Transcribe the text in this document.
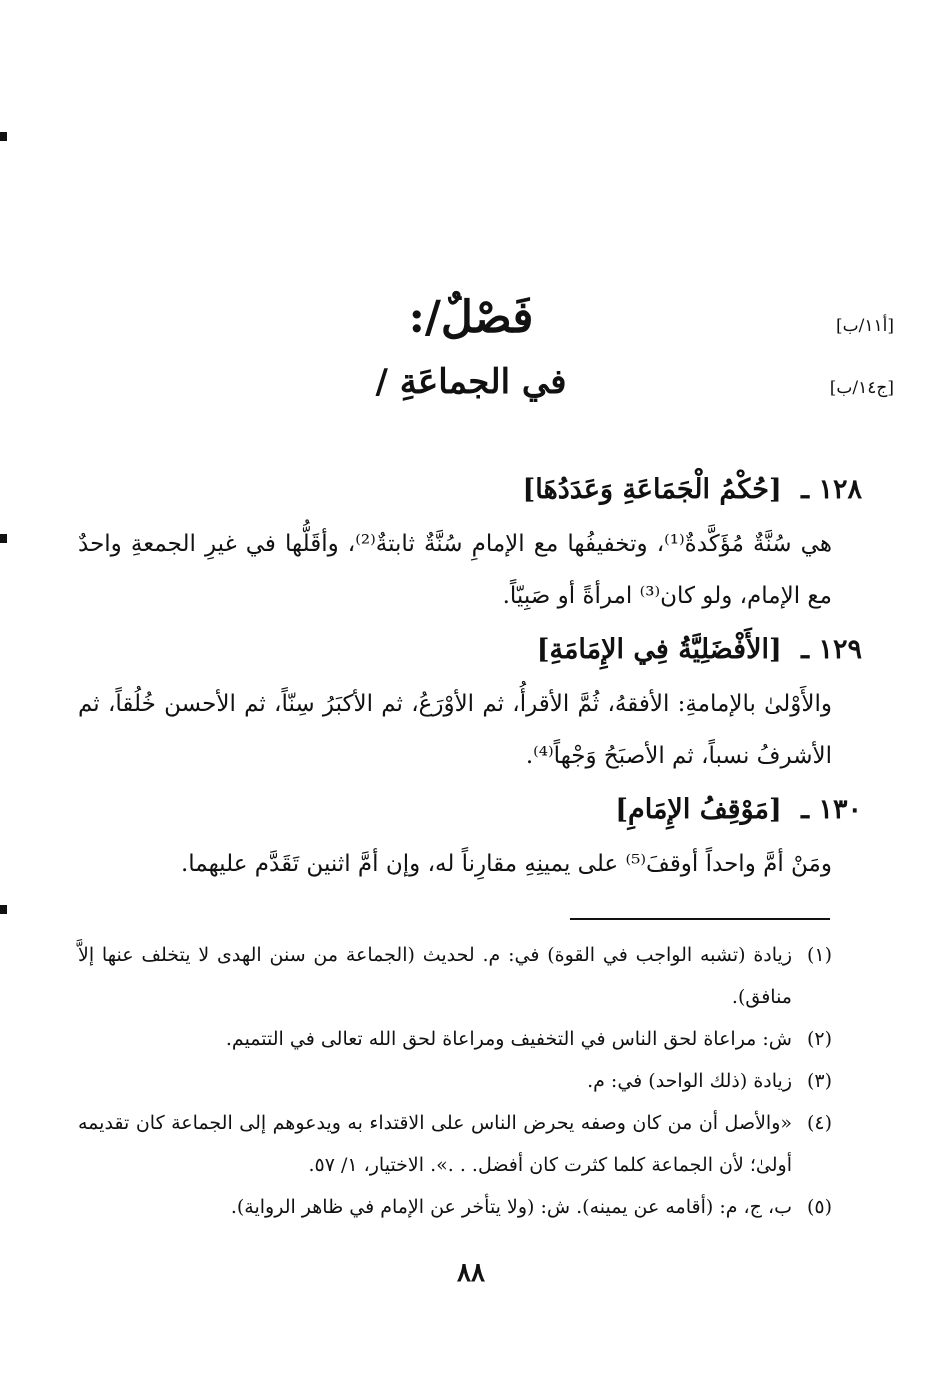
[أ١١/ب]
[ج١٤/ب]
فَصْلٌ/:
في الجماعَةِ /
١٢٨ ـ [حُكْمُ الْجَمَاعَةِ وَعَدَدُهَا]
هي سُنَّةٌ مُؤَكَّدةٌ⁽¹⁾، وتخفيفُها مع الإمامِ سُنَّةٌ ثابتةٌ⁽²⁾، وأقَلُّها في غيرِ الجمعةِ واحدٌ مع الإمام، ولو كان⁽³⁾ امرأةً أو صَبِيّاً.
١٢٩ ـ [الأَفْضَلِيَّةُ فِي الإِمَامَةِ]
والأَوْلىٰ بالإمامةِ: الأفقهُ، ثُمَّ الأقرأُ، ثم الأوْرَعُ، ثم الأكبَرُ سِنّاً، ثم الأحسن خُلُقاً، ثم الأشرفُ نسباً، ثم الأصبَحُ وَجْهاً⁽⁴⁾.
١٣٠ ـ [مَوْقِفُ الإِمَامِ]
ومَنْ أمَّ واحداً أوقفَ⁽⁵⁾ على يمينِهِ مقارِناً له، وإن أمَّ اثنين تَقَدَّم عليهما.
(١)
زيادة (تشبه الواجب في القوة) في: م. لحديث (الجماعة من سنن الهدى لا يتخلف عنها إلاَّ منافق).
(٢)
ش: مراعاة لحق الناس في التخفيف ومراعاة لحق الله تعالى في التتميم.
(٣)
زيادة (ذلك الواحد) في: م.
(٤)
«والأصل أن من كان وصفه يحرض الناس على الاقتداء به ويدعوهم إلى الجماعة كان تقديمه أولىٰ؛ لأن الجماعة كلما كثرت كان أفضل. . .». الاختيار، ١/ ٥٧.
(٥)
ب، ج، م: (أقامه عن يمينه). ش: (ولا يتأخر عن الإمام في ظاهر الرواية).
٨٨
